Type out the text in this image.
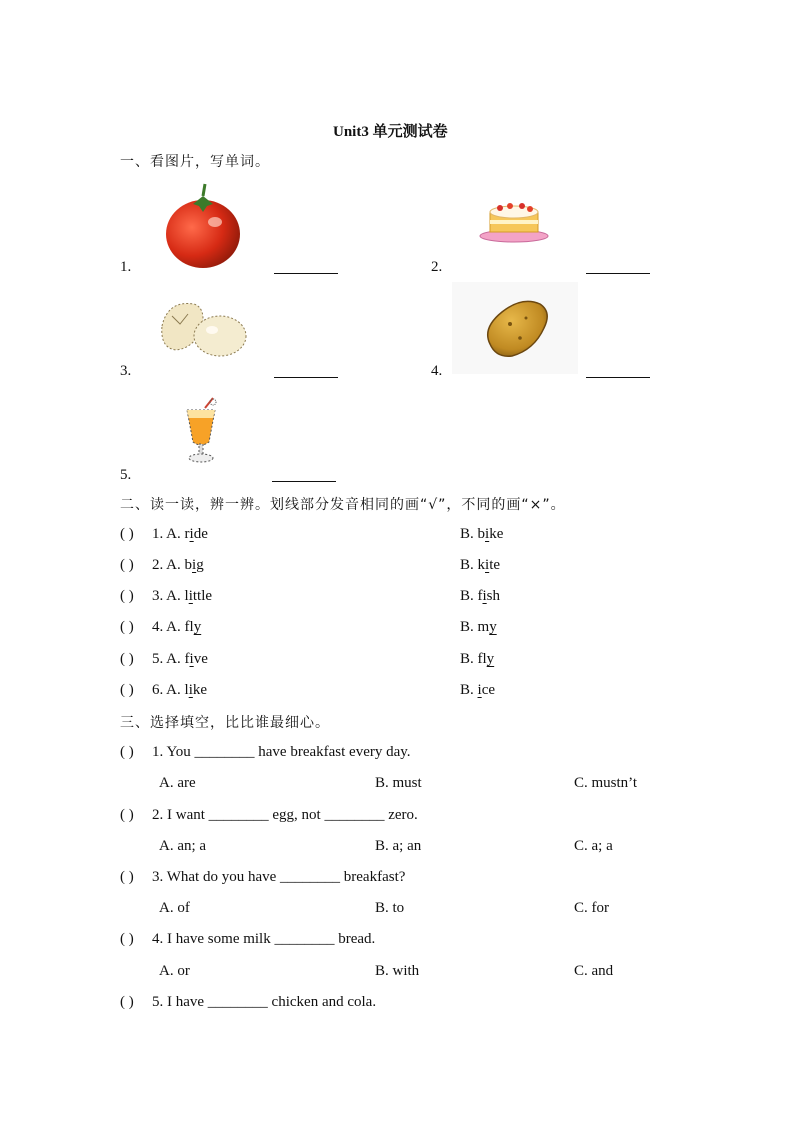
Unit3 单元测试卷
一、看图片，写单词。
1.	2.
3.	4.
5.
二、读一读，辨一辨。划线部分发音相同的画“√”，不同的画“×”。
( ) 1. A. ride	B. bike
( ) 2. A. big	B. kite
( ) 3. A. little	B. fish
( ) 4. A. fly	B. my
( ) 5. A. five	B. fly
( ) 6. A. like	B. ice
三、选择填空，比比谁最细心。
( ) 1. You ________ have breakfast every day.
A. are	B. must	C. mustn’t
( ) 2. I want ________ egg, not ________ zero.
A. an; a	B. a; an	C. a; a
( ) 3. What do you have ________ breakfast?
A. of	B. to	C. for
( ) 4. I have some milk ________ bread.
A. or	B. with	C. and
( ) 5. I have ________ chicken and cola.
